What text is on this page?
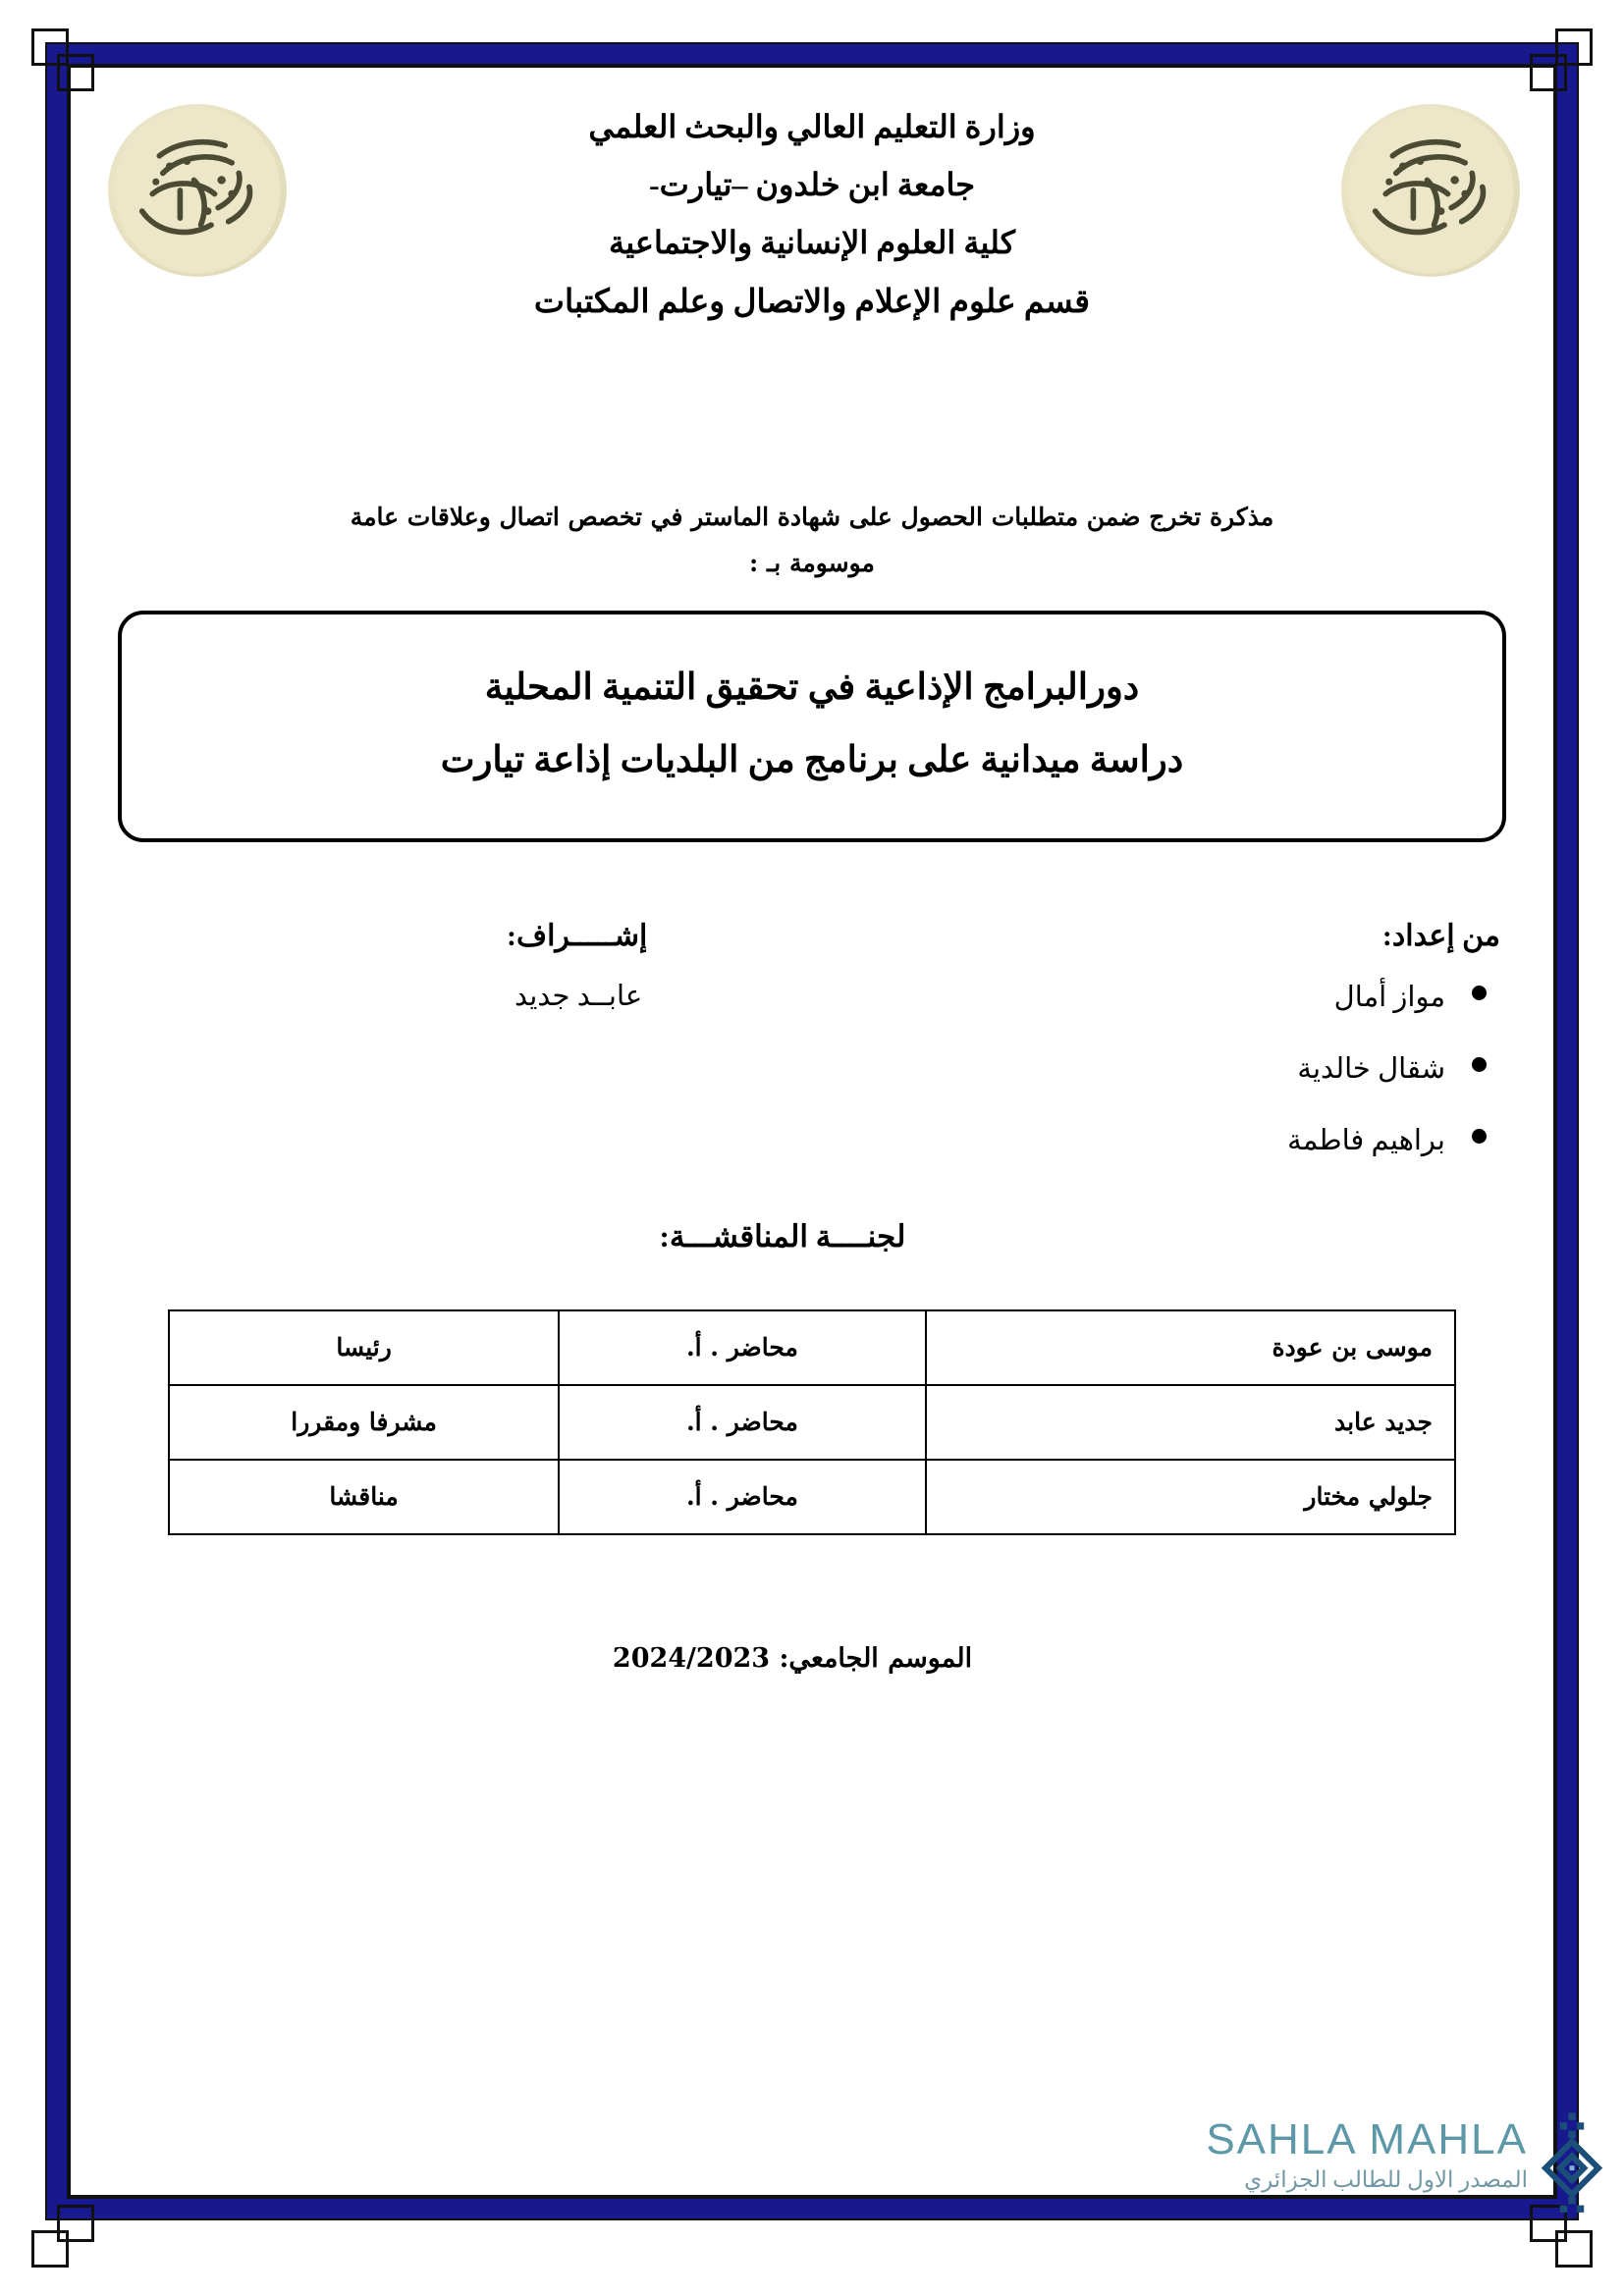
وزارة التعليم العالي والبحث العلمي
جامعة ابن خلدون –تيارت-
كلية العلوم الإنسانية والاجتماعية
قسم علوم الإعلام والاتصال وعلم المكتبات
مذكرة تخرج ضمن متطلبات الحصول على شهادة الماستر في تخصص اتصال وعلاقات عامة
موسومة بـ :
دورالبرامج الإذاعية في تحقيق التنمية المحلية
دراسة ميدانية على برنامج من البلديات إذاعة تيارت
من إعداد:
مواز أمال
شقال خالدية
براهيم فاطمة
إشـــــراف:
عابــد جديد
لجنــــة المناقشـــة:
موسى بن عودة	محاضر . أ.	رئيسا
جديد عابد	محاضر . أ.	مشرفا ومقررا
جلولي مختار	محاضر . أ.	مناقشا
الموسم الجامعي: 2024/2023
SAHLA MAHLA
المصدر الاول للطالب الجزائري
